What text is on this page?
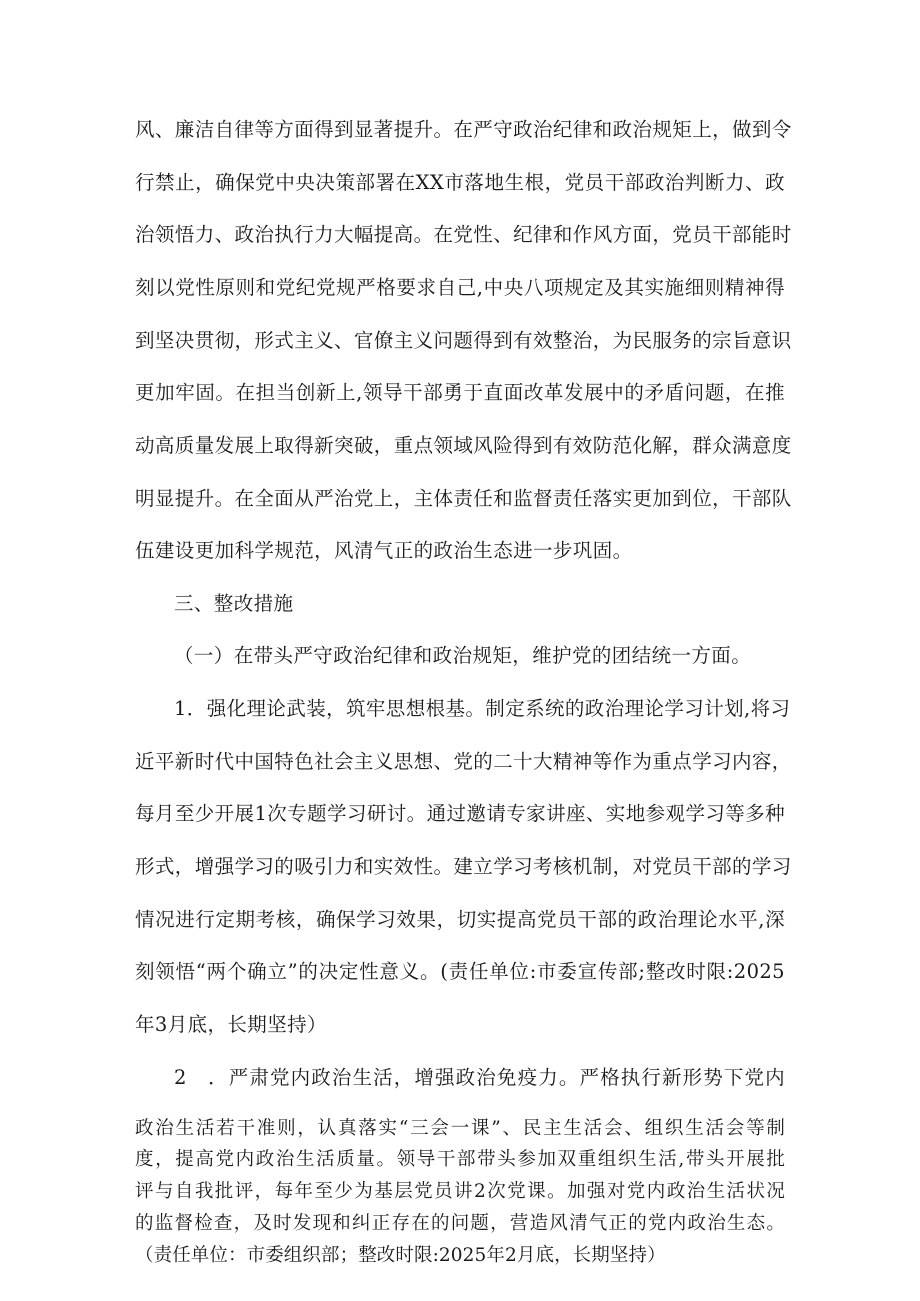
风、廉洁自律等方面得到显著提升。在严守政治纪律和政治规矩上，做到令
行禁止，确保党中央决策部署在XX市落地生根，党员干部政治判断力、政
治领悟力、政治执行力大幅提高。在党性、纪律和作风方面，党员干部能时
刻以党性原则和党纪党规严格要求自己,中央八项规定及其实施细则精神得
到坚决贯彻，形式主义、官僚主义问题得到有效整治，为民服务的宗旨意识
更加牢固。在担当创新上,领导干部勇于直面改革发展中的矛盾问题，在推
动高质量发展上取得新突破，重点领域风险得到有效防范化解，群众满意度
明显提升。在全面从严治党上，主体责任和监督责任落实更加到位，干部队
伍建设更加科学规范，风清气正的政治生态进一步巩固。
三、整改措施
（一）在带头严守政治纪律和政治规矩，维护党的团结统一方面。
1．强化理论武装，筑牢思想根基。制定系统的政治理论学习计划,将习
近平新时代中国特色社会主义思想、党的二十大精神等作为重点学习内容，
每月至少开展1次专题学习研讨。通过邀请专家讲座、实地参观学习等多种
形式，增强学习的吸引力和实效性。建立学习考核机制，对党员干部的学习
情况进行定期考核，确保学习效果，切实提高党员干部的政治理论水平,深
刻领悟“两个确立”的决定性意义。(责任单位:市委宣传部;整改时限:2025
年3月底，长期坚持）
2　．严肃党内政治生活，增强政治免疫力。严格执行新形势下党内
政治生活若干准则，认真落实“三会一课”、民主生活会、组织生活会等制
度，提高党内政治生活质量。领导干部带头参加双重组织生活,带头开展批
评与自我批评，每年至少为基层党员讲2次党课。加强对党内政治生活状况
的监督检查，及时发现和纠正存在的问题，营造风清气正的党内政治生态。
（责任单位：市委组织部；整改时限:2025年2月底，长期坚持）
